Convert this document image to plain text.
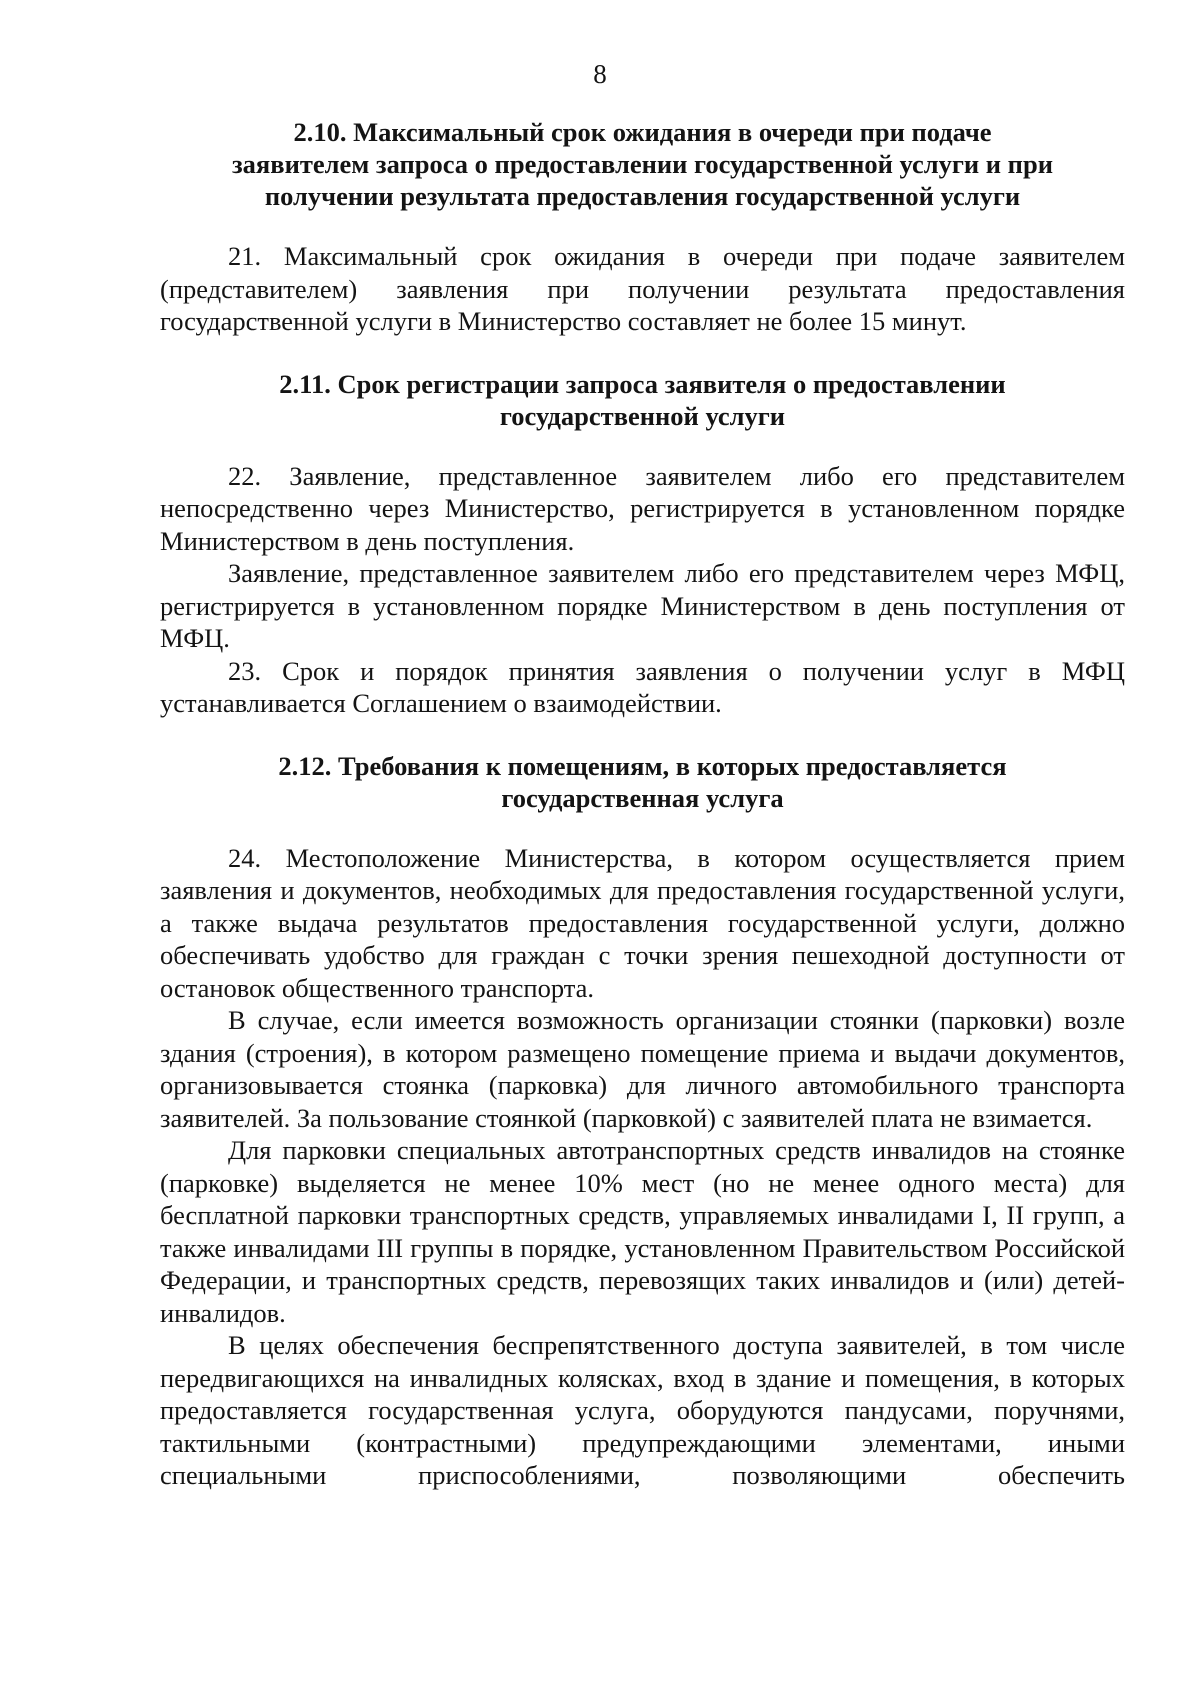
8
2.10. Максимальный срок ожидания в очереди при подаче
заявителем запроса о предоставлении государственной услуги и при
получении результата предоставления государственной услуги

21. Максимальный срок ожидания в очереди при подаче заявителем (представителем) заявления при получении результата предоставления государственной услуги в Министерство составляет не более 15 минут.

2.11. Срок регистрации запроса заявителя о предоставлении
государственной услуги

22. Заявление, представленное заявителем либо его представителем непосредственно через Министерство, регистрируется в установленном порядке Министерством в день поступления.

Заявление, представленное заявителем либо его представителем через МФЦ, регистрируется в установленном порядке Министерством в день поступления от МФЦ.

23. Срок и порядок принятия заявления о получении услуг в МФЦ устанавливается Соглашением о взаимодействии.

2.12. Требования к помещениям, в которых предоставляется
государственная услуга

24. Местоположение Министерства, в котором осуществляется прием заявления и документов, необходимых для предоставления государственной услуги, а также выдача результатов предоставления государственной услуги, должно обеспечивать удобство для граждан с точки зрения пешеходной доступности от остановок общественного транспорта.

В случае, если имеется возможность организации стоянки (парковки) возле здания (строения), в котором размещено помещение приема и выдачи документов, организовывается стоянка (парковка) для личного автомобильного транспорта заявителей. За пользование стоянкой (парковкой) с заявителей плата не взимается.

Для парковки специальных автотранспортных средств инвалидов на стоянке (парковке) выделяется не менее 10% мест (но не менее одного места) для бесплатной парковки транспортных средств, управляемых инвалидами I, II групп, а также инвалидами III группы в порядке, установленном Правительством Российской Федерации, и транспортных средств, перевозящих таких инвалидов и (или) детей-инвалидов.

В целях обеспечения беспрепятственного доступа заявителей, в том числе передвигающихся на инвалидных колясках, вход в здание и помещения, в которых предоставляется государственная услуга, оборудуются пандусами, поручнями, тактильными (контрастными) предупреждающими элементами, иными специальными приспособлениями, позволяющими обеспечить
